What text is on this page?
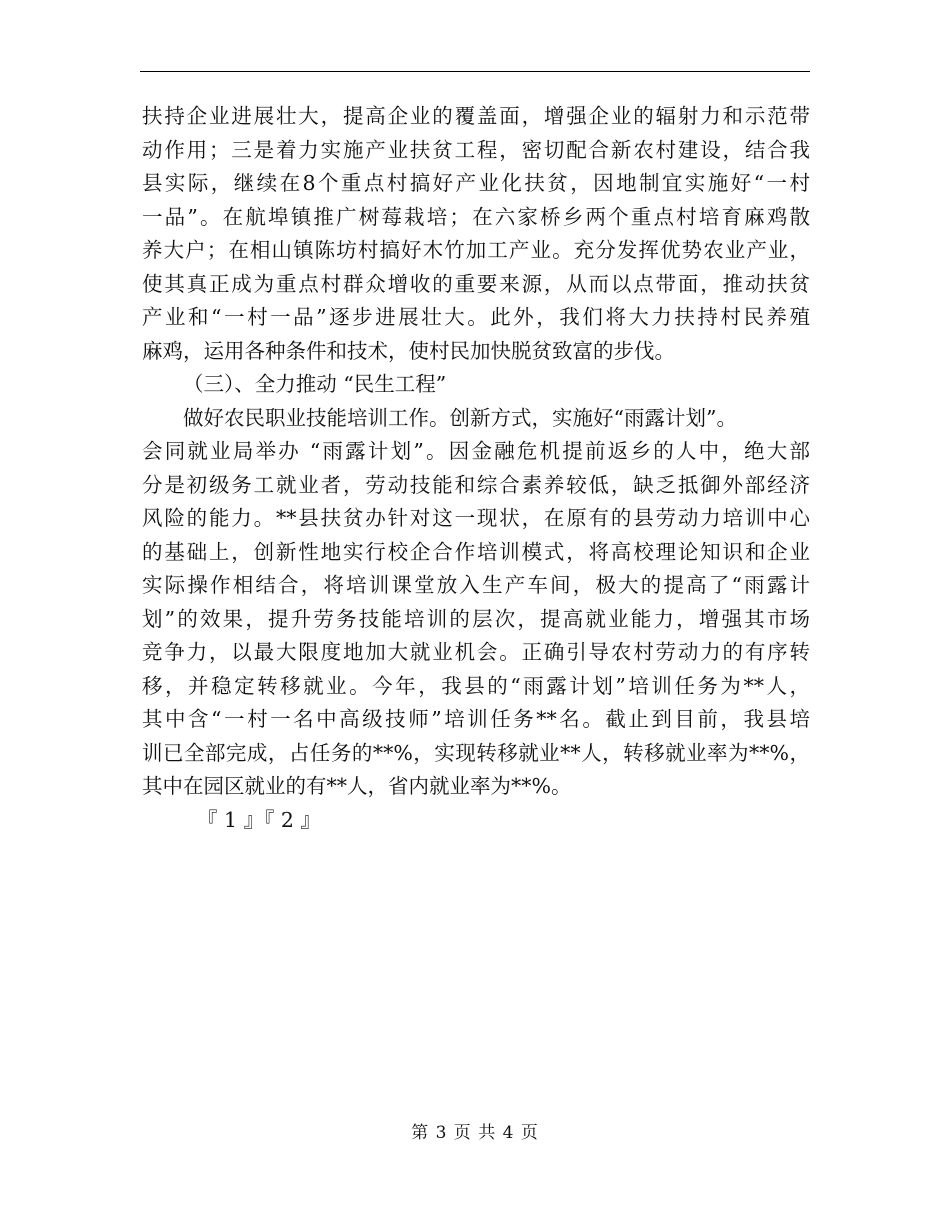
扶持企业进展壮大，提高企业的覆盖面，增强企业的辐射力和示范带
动作用；三是着力实施产业扶贫工程，密切配合新农村建设，结合我
县实际，继续在8个重点村搞好产业化扶贫，因地制宜实施好“一村
一品”。在航埠镇推广树莓栽培；在六家桥乡两个重点村培育麻鸡散
养大户；在相山镇陈坊村搞好木竹加工产业。充分发挥优势农业产业，
使其真正成为重点村群众增收的重要来源，从而以点带面，推动扶贫
产业和“一村一品”逐步进展壮大。此外，我们将大力扶持村民养殖
麻鸡，运用各种条件和技术，使村民加快脱贫致富的步伐。
（三）、全力推动 “民生工程”
做好农民职业技能培训工作。创新方式，实施好“雨露计划”。
会同就业局举办 “雨露计划”。因金融危机提前返乡的人中，绝大部
分是初级务工就业者，劳动技能和综合素养较低，缺乏抵御外部经济
风险的能力。**县扶贫办针对这一现状，在原有的县劳动力培训中心
的基础上，创新性地实行校企合作培训模式，将高校理论知识和企业
实际操作相结合，将培训课堂放入生产车间，极大的提高了“雨露计
划”的效果，提升劳务技能培训的层次，提高就业能力，增强其市场
竞争力，以最大限度地加大就业机会。正确引导农村劳动力的有序转
移，并稳定转移就业。今年，我县的“雨露计划”培训任务为**人，
其中含“一村一名中高级技师”培训任务**名。截止到目前，我县培
训已全部完成，占任务的**%，实现转移就业**人，转移就业率为**%，
其中在园区就业的有**人，省内就业率为**%。
『 1 』『 2 』
第 3 页 共 4 页
